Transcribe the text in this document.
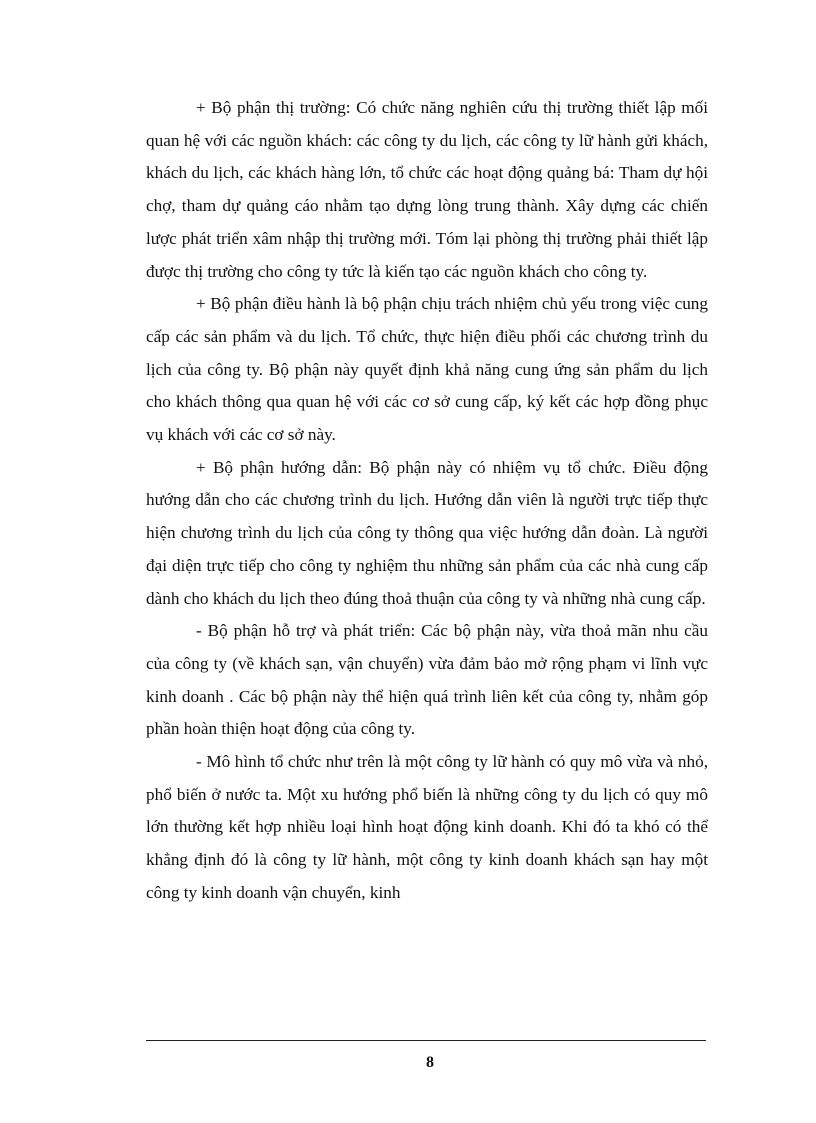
+ Bộ phận thị trường: Có chức năng nghiên cứu thị trường thiết lập mối quan hệ với các nguồn khách: các công ty du lịch, các công ty lữ hành gửi khách, khách du lịch, các khách hàng lớn, tổ chức các hoạt động quảng bá: Tham dự hội chợ, tham dự quảng cáo nhằm tạo dựng lòng trung thành. Xây dựng các chiến lược phát triển xâm nhập thị trường mới. Tóm lại phòng thị trường phải thiết lập được thị trường cho công ty tức là kiến tạo các nguồn khách cho công ty.

+ Bộ phận điều hành là bộ phận chịu trách nhiệm chủ yếu trong việc cung cấp các sản phẩm và du lịch. Tổ chức, thực hiện điều phối các chương trình du lịch của công ty. Bộ phận này quyết định khả năng cung ứng sản phẩm du lịch cho khách thông qua quan hệ với các cơ sở cung cấp, ký kết các hợp đồng phục vụ khách với các cơ sở này.

+ Bộ phận hướng dẫn: Bộ phận này có nhiệm vụ tổ chức. Điều động hướng dẫn cho các chương trình du lịch. Hướng dẫn viên là người trực tiếp thực hiện chương trình du lịch của công ty thông qua việc hướng dẫn đoàn. Là người đại diện trực tiếp cho công ty nghiệm thu những sản phẩm của các nhà cung cấp dành cho khách du lịch theo đúng thoả thuận của công ty và những nhà cung cấp.

- Bộ phận hỗ trợ và phát triển: Các bộ phận này, vừa thoả mãn nhu cầu của công ty (về khách sạn, vận chuyển) vừa đảm bảo mở rộng phạm vi lĩnh vực kinh doanh . Các bộ phận này thể hiện quá trình liên kết của công ty, nhằm góp phần hoàn thiện hoạt động của công ty.

- Mô hình tổ chức như trên là một công ty lữ hành có quy mô vừa và nhỏ, phổ biến ở nước ta. Một xu hướng phổ biến là những công ty du lịch có quy mô lớn thường kết hợp nhiều loại hình hoạt động kinh doanh. Khi đó ta khó có thể khẳng định đó là công ty lữ hành, một công ty kinh doanh khách sạn hay một công ty kinh doanh vận chuyển, kinh

8
